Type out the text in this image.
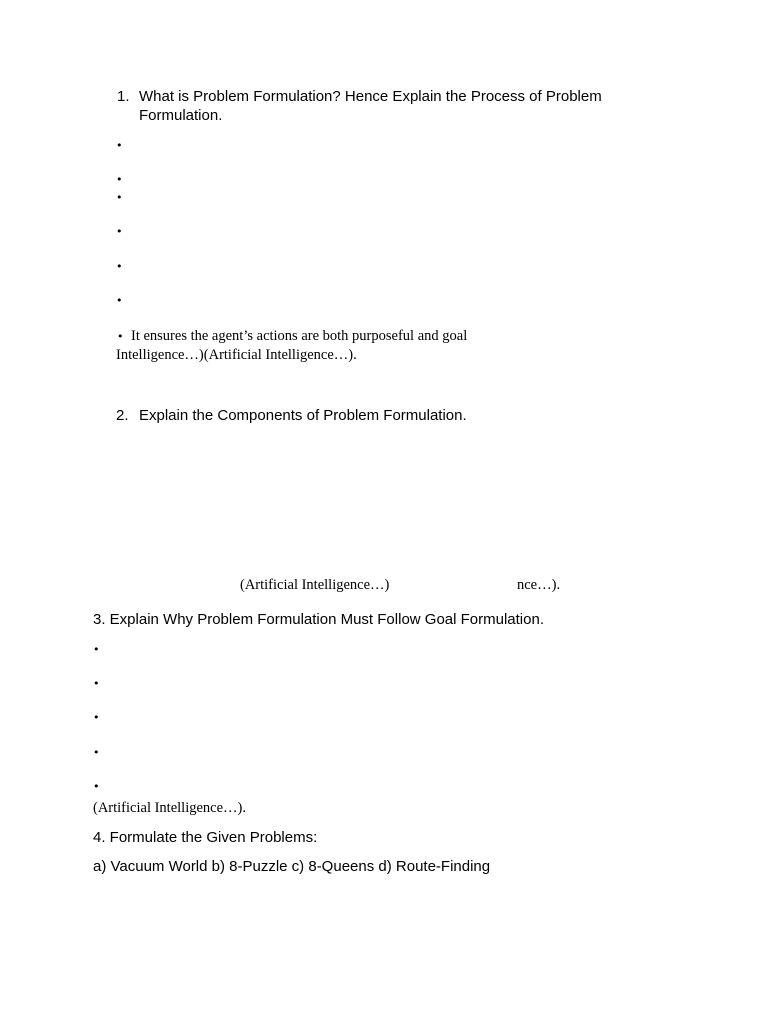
1. What is Problem Formulation? Hence Explain the Process of Problem
Formulation.
•
•
•
•
•
•
•
It ensures the agent’s actions are both purposeful and goal
Intelligence…)(Artificial Intelligence…).
2. Explain the Components of Problem Formulation.
(Artificial Intelligence…)	nce…).
3. Explain Why Problem Formulation Must Follow Goal Formulation.
•
•
•
•
•
(Artificial Intelligence…).
4. Formulate the Given Problems:
a) Vacuum World b) 8-Puzzle c) 8-Queens d) Route-Finding
